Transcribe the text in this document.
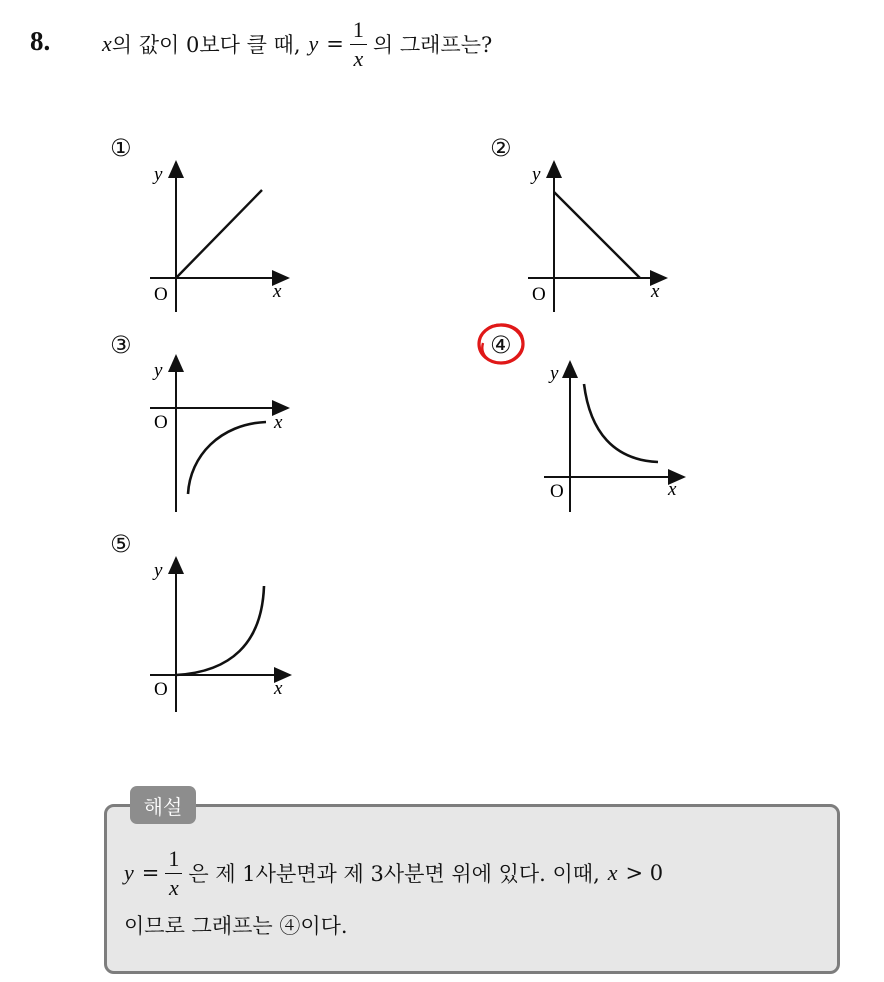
8. x 의 값이 0보다 클 때, $y = \frac{1}{x}$ 의 그래프는?
①
y
O	x
②
y
O	x
③
y
O	x
④
y
O	x
⑤
y
O	x
해설
$y = \frac{1}{x}$ 은 제 1사분면과 제 3사분면 위에 있다. 이때, x > 0
이므로 그래프는 ④이다.
